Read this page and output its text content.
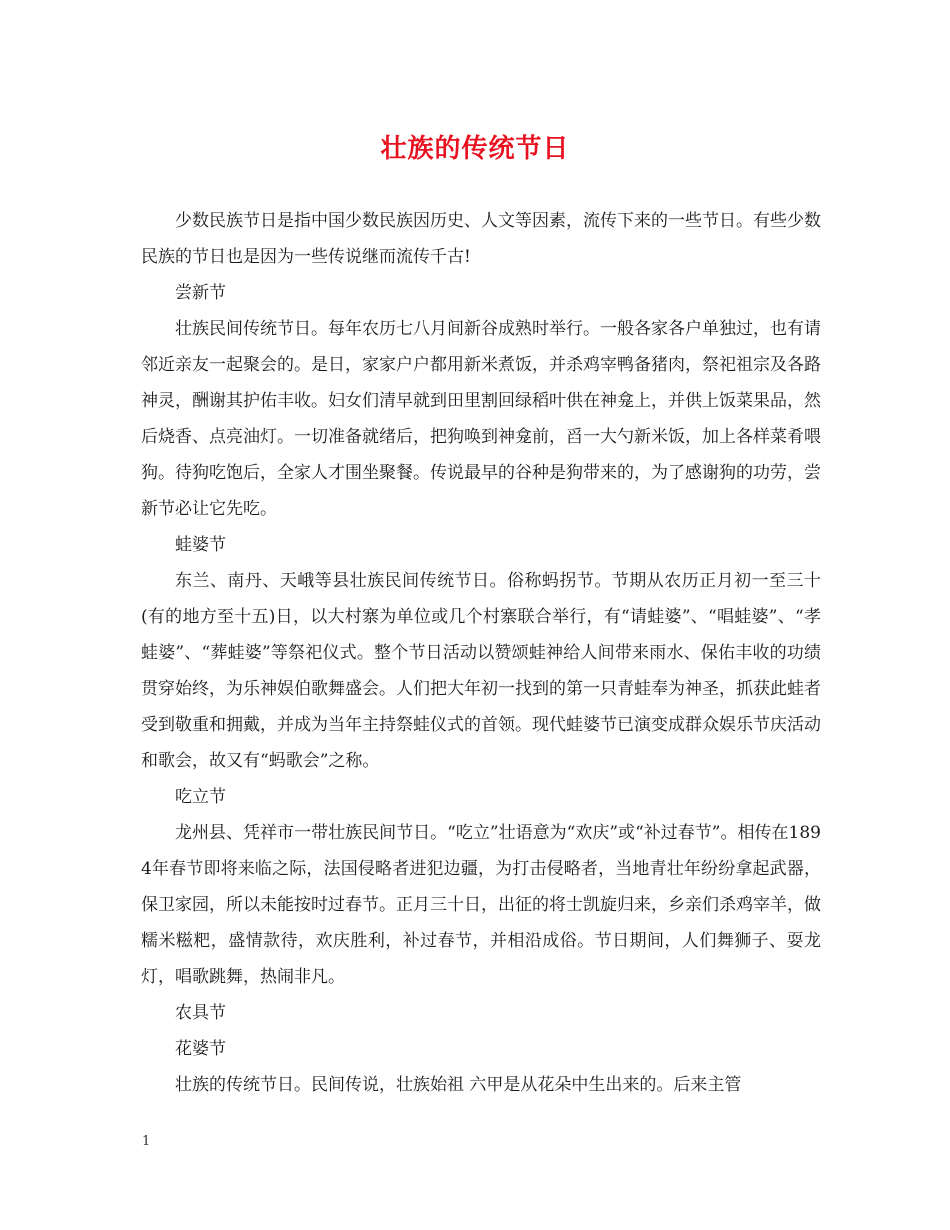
壮族的传统节日

少数民族节日是指中国少数民族因历史、人文等因素，流传下来的一些节日。有些少数民族的节日也是因为一些传说继而流传千古!

尝新节

壮族民间传统节日。每年农历七八月间新谷成熟时举行。一般各家各户单独过，也有请邻近亲友一起聚会的。是日，家家户户都用新米煮饭，并杀鸡宰鸭备猪肉，祭祀祖宗及各路神灵，酬谢其护佑丰收。妇女们清早就到田里割回绿稻叶供在神龛上，并供上饭菜果品，然后烧香、点亮油灯。一切准备就绪后，把狗唤到神龛前，舀一大勺新米饭，加上各样菜肴喂狗。待狗吃饱后，全家人才围坐聚餐。传说最早的谷种是狗带来的，为了感谢狗的功劳，尝新节必让它先吃。

蛙婆节

东兰、南丹、天峨等县壮族民间传统节日。俗称蚂拐节。节期从农历正月初一至三十(有的地方至十五)日，以大村寨为单位或几个村寨联合举行，有“请蛙婆”、“唱蛙婆”、“孝蛙婆”、“葬蛙婆”等祭祀仪式。整个节日活动以赞颂蛙神给人间带来雨水、保佑丰收的功绩贯穿始终，为乐神娱伯歌舞盛会。人们把大年初一找到的第一只青蛙奉为神圣，抓获此蛙者受到敬重和拥戴，并成为当年主持祭蛙仪式的首领。现代蛙婆节已演变成群众娱乐节庆活动和歌会，故又有“蚂歌会”之称。

吃立节

龙州县、凭祥市一带壮族民间节日。“吃立”壮语意为“欢庆”或“补过春节”。相传在1894年春节即将来临之际，法国侵略者进犯边疆，为打击侵略者，当地青壮年纷纷拿起武器，保卫家园，所以未能按时过春节。正月三十日，出征的将士凯旋归来，乡亲们杀鸡宰羊，做糯米糍粑，盛情款待，欢庆胜利，补过春节，并相沿成俗。节日期间，人们舞狮子、耍龙灯，唱歌跳舞，热闹非凡。

农具节

花婆节

壮族的传统节日。民间传说，壮族始祖 六甲是从花朵中生出来的。后来主管

1
